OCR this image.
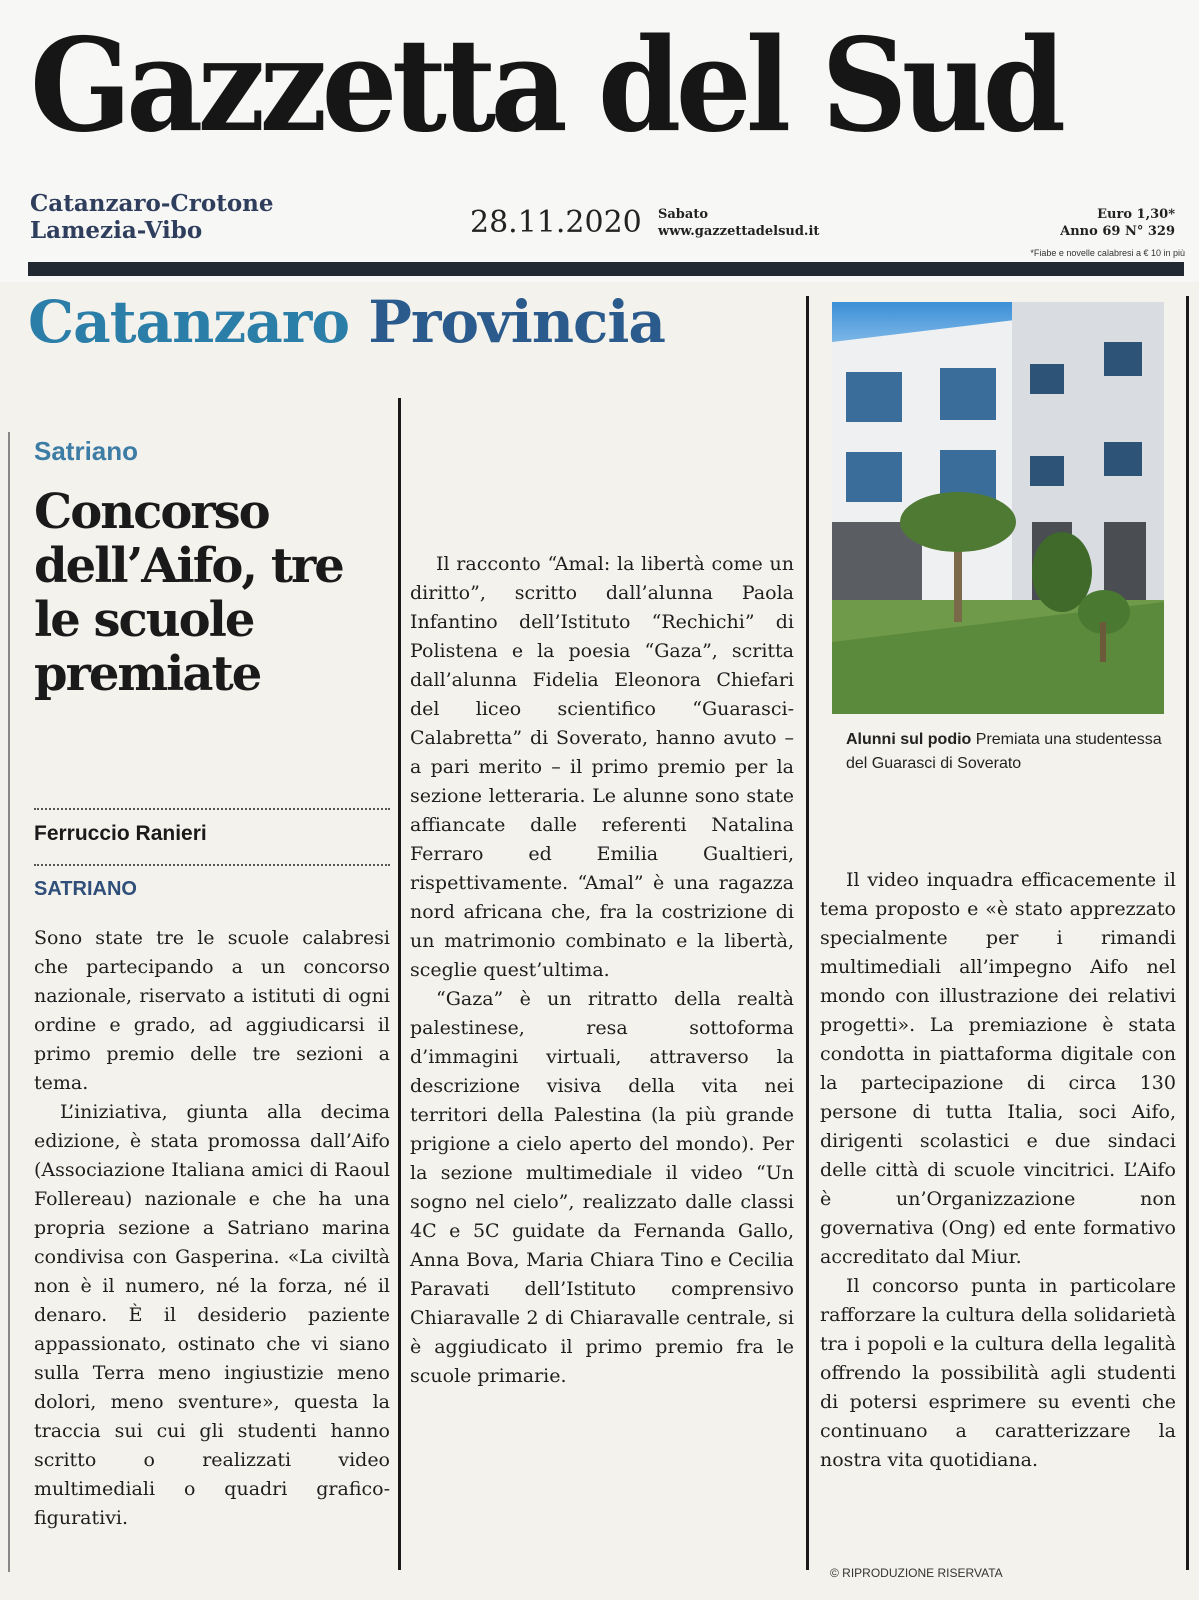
Gazzetta del Sud
Catanzaro-Crotone
Lamezia-Vibo	28.11.2020 Sabato
www.gazzettadelsud.it
Euro 1,30*
Anno 69 N° 329
*Fiabe e novelle calabresi a € 10 in più
Catanzaro Provincia
Satriano
Concorso dell’Aifo, tre le scuole premiate
Ferruccio Ranieri
SATRIANO

Sono state tre le scuole calabresi che partecipando a un concorso nazionale, riservato a istituti di ogni ordine e grado, ad aggiudicarsi il primo premio delle tre sezioni a tema.

L’iniziativa, giunta alla decima edizione, è stata promossa dall’Aifo (Associazione Italiana amici di Raoul Follereau) nazionale e che ha una propria sezione a Satriano marina condivisa con Gasperina. «La civiltà non è il numero, né la forza, né il denaro. È il desiderio paziente appassionato, ostinato che vi siano sulla Terra meno ingiustizie meno dolori, meno sventure», questa la traccia sui cui gli studenti hanno scritto o realizzati video multimediali o quadri grafico-figurativi.

Il racconto “Amal: la libertà come un diritto”, scritto dall’alunna Paola Infantino dell’Istituto “Rechichi” di Polistena e la poesia “Gaza”, scritta dall’alunna Fidelia Eleonora Chiefari del liceo scientifico “Guarasci-Calabretta” di Soverato, hanno avuto – a pari merito – il primo premio per la sezione letteraria. Le alunne sono state affiancate dalle referenti Natalina Ferraro ed Emilia Gualtieri, rispettivamente. “Amal” è una ragazza nord africana che, fra la costrizione di un matrimonio combinato e la libertà, sceglie quest’ultima.

“Gaza” è un ritratto della realtà palestinese, resa sottoforma d’immagini virtuali, attraverso la descrizione visiva della vita nei territori della Palestina (la più grande prigione a cielo aperto del mondo). Per la sezione multimediale il video “Un sogno nel cielo”, realizzato dalle classi 4C e 5C guidate da Fernanda Gallo, Anna Bova, Maria Chiara Tino e Cecilia Paravati dell’Istituto comprensivo Chiaravalle 2 di Chiaravalle centrale, si è aggiudicato il primo premio fra le scuole primarie.

Alunni sul podio Premiata una studentessa del Guarasci di Soverato

Il video inquadra efficacemente il tema proposto e «è stato apprezzato specialmente per i rimandi multimediali all’impegno Aifo nel mondo con illustrazione dei relativi progetti». La premiazione è stata condotta in piattaforma digitale con la partecipazione di circa 130 persone di tutta Italia, soci Aifo, dirigenti scolastici e due sindaci delle città di scuole vincitrici. L’Aifo è un’Organizzazione non governativa (Ong) ed ente formativo accreditato dal Miur.

Il concorso punta in particolare rafforzare la cultura della solidarietà tra i popoli e la cultura della legalità offrendo la possibilità agli studenti di potersi esprimere su eventi che continuano a caratterizzare la nostra vita quotidiana.

© RIPRODUZIONE RISERVATA
